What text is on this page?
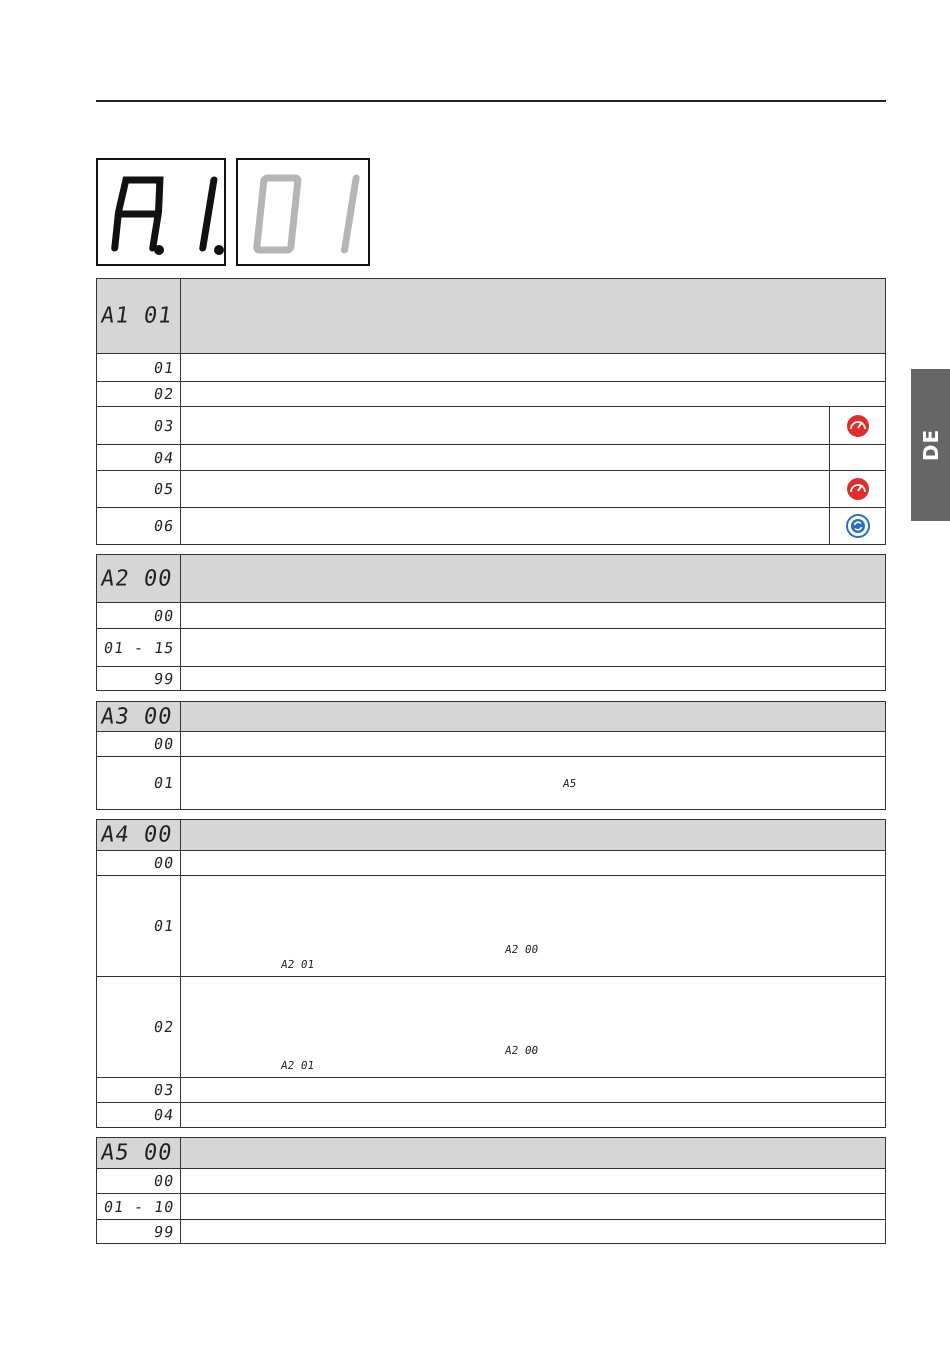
DE
A1 01
01
02
03
04
05
06
A2 00
00
01 - 15
99
A3 00
00
01	A5
A4 00
00
01
A2 00
A2 01
02
A2 00
A2 01
03
04
A5 00
00
01 - 10
99
